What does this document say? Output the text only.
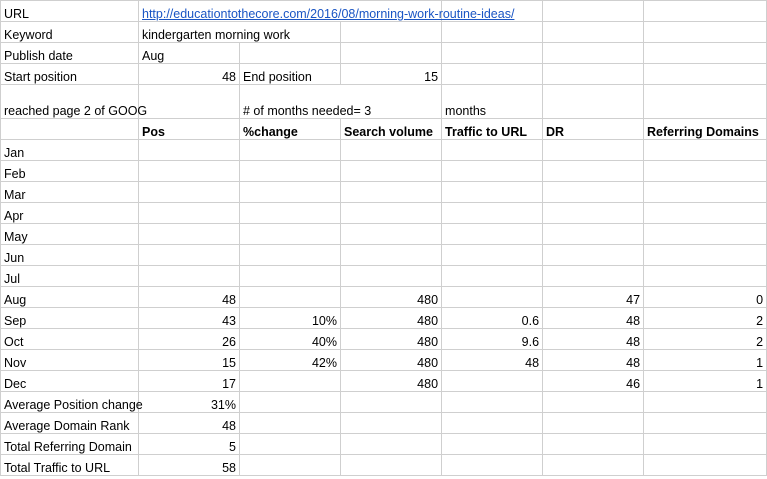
URL	http://educationtothecore.com/2016/08/morning-work-routine-ideas/					
Keyword	kindergarten morning work					
Publish date	Aug					
Start position	48	End position	15			
reached page 2 of GOOG		# of months needed= 3		months		
	Pos	%change	Search volume	Traffic to URL	DR	Referring Domains
Jan						
Feb						
Mar						
Apr						
May						
Jun						
Jul						
Aug	48		480		47	0
Sep	43	10%	480	0.6	48	2
Oct	26	40%	480	9.6	48	2
Nov	15	42%	480	48	48	1
Dec	17		480		46	1
Average Position change	31%					
Average Domain Rank	48					
Total Referring Domain	5					
Total Traffic to URL	58					
